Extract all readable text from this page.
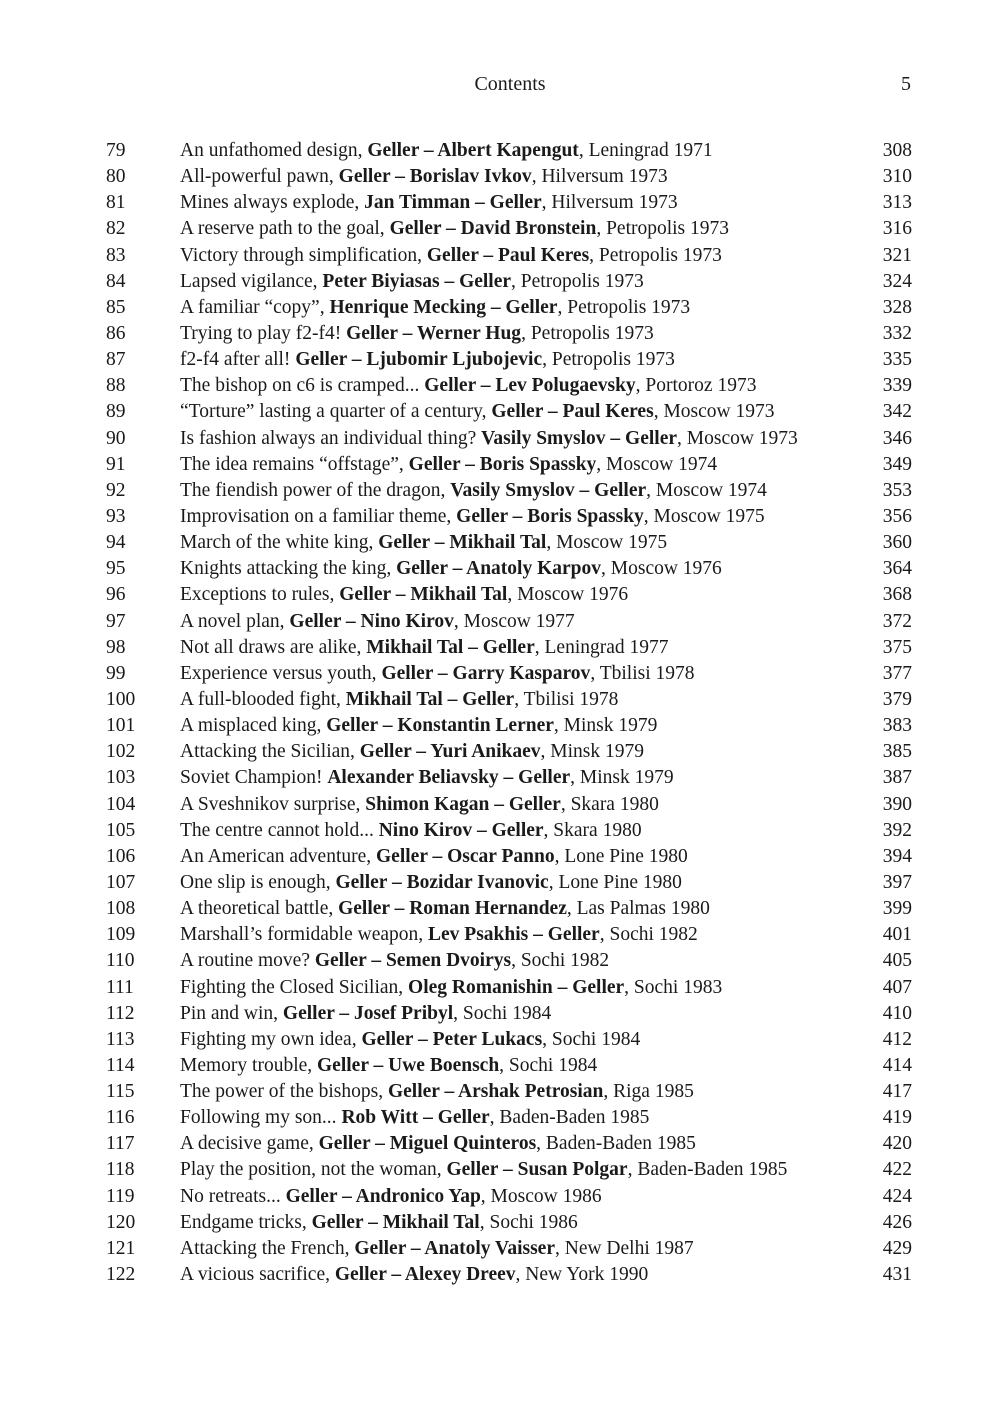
Contents	5
79	An unfathomed design, Geller – Albert Kapengut, Leningrad 1971	308
80	All-powerful pawn, Geller – Borislav Ivkov, Hilversum 1973	310
81	Mines always explode, Jan Timman – Geller, Hilversum 1973	313
82	A reserve path to the goal, Geller – David Bronstein, Petropolis 1973	316
83	Victory through simplification, Geller – Paul Keres, Petropolis 1973	321
84	Lapsed vigilance, Peter Biyiasas – Geller, Petropolis 1973	324
85	A familiar “copy”, Henrique Mecking – Geller, Petropolis 1973	328
86	Trying to play f2-f4! Geller – Werner Hug, Petropolis 1973	332
87	f2-f4 after all! Geller – Ljubomir Ljubojevic, Petropolis 1973	335
88	The bishop on c6 is cramped... Geller – Lev Polugaevsky, Portoroz 1973	339
89	“Torture” lasting a quarter of a century, Geller – Paul Keres, Moscow 1973	342
90	Is fashion always an individual thing? Vasily Smyslov – Geller, Moscow 1973	346
91	The idea remains “offstage”, Geller – Boris Spassky, Moscow 1974	349
92	The fiendish power of the dragon, Vasily Smyslov – Geller, Moscow 1974	353
93	Improvisation on a familiar theme, Geller – Boris Spassky, Moscow 1975	356
94	March of the white king, Geller – Mikhail Tal, Moscow 1975	360
95	Knights attacking the king, Geller – Anatoly Karpov, Moscow 1976	364
96	Exceptions to rules, Geller – Mikhail Tal, Moscow 1976	368
97	A novel plan, Geller – Nino Kirov, Moscow 1977	372
98	Not all draws are alike, Mikhail Tal – Geller, Leningrad 1977	375
99	Experience versus youth, Geller – Garry Kasparov, Tbilisi 1978	377
100 A full-blooded fight, Mikhail Tal – Geller, Tbilisi 1978	379
101 A misplaced king, Geller – Konstantin Lerner, Minsk 1979	383
102 Attacking the Sicilian, Geller – Yuri Anikaev, Minsk 1979	385
103 Soviet Champion! Alexander Beliavsky – Geller, Minsk 1979	387
104 A Sveshnikov surprise, Shimon Kagan – Geller, Skara 1980	390
105 The centre cannot hold... Nino Kirov – Geller, Skara 1980	392
106 An American adventure, Geller – Oscar Panno, Lone Pine 1980	394
107 One slip is enough, Geller – Bozidar Ivanovic, Lone Pine 1980	397
108 A theoretical battle, Geller – Roman Hernandez, Las Palmas 1980	399
109 Marshall’s formidable weapon, Lev Psakhis – Geller, Sochi 1982	401
110 A routine move? Geller – Semen Dvoirys, Sochi 1982	405
111 Fighting the Closed Sicilian, Oleg Romanishin – Geller, Sochi 1983	407
112 Pin and win, Geller – Josef Pribyl, Sochi 1984	410
113 Fighting my own idea, Geller – Peter Lukacs, Sochi 1984	412
114 Memory trouble, Geller – Uwe Boensch, Sochi 1984	414
115 The power of the bishops, Geller – Arshak Petrosian, Riga 1985	417
116 Following my son... Rob Witt – Geller, Baden-Baden 1985	419
117 A decisive game, Geller – Miguel Quinteros, Baden-Baden 1985	420
118 Play the position, not the woman, Geller – Susan Polgar, Baden-Baden 1985	422
119 No retreats... Geller – Andronico Yap, Moscow 1986	424
120 Endgame tricks, Geller – Mikhail Tal, Sochi 1986	426
121 Attacking the French, Geller – Anatoly Vaisser, New Delhi 1987	429
122 A vicious sacrifice, Geller – Alexey Dreev, New York 1990	431
